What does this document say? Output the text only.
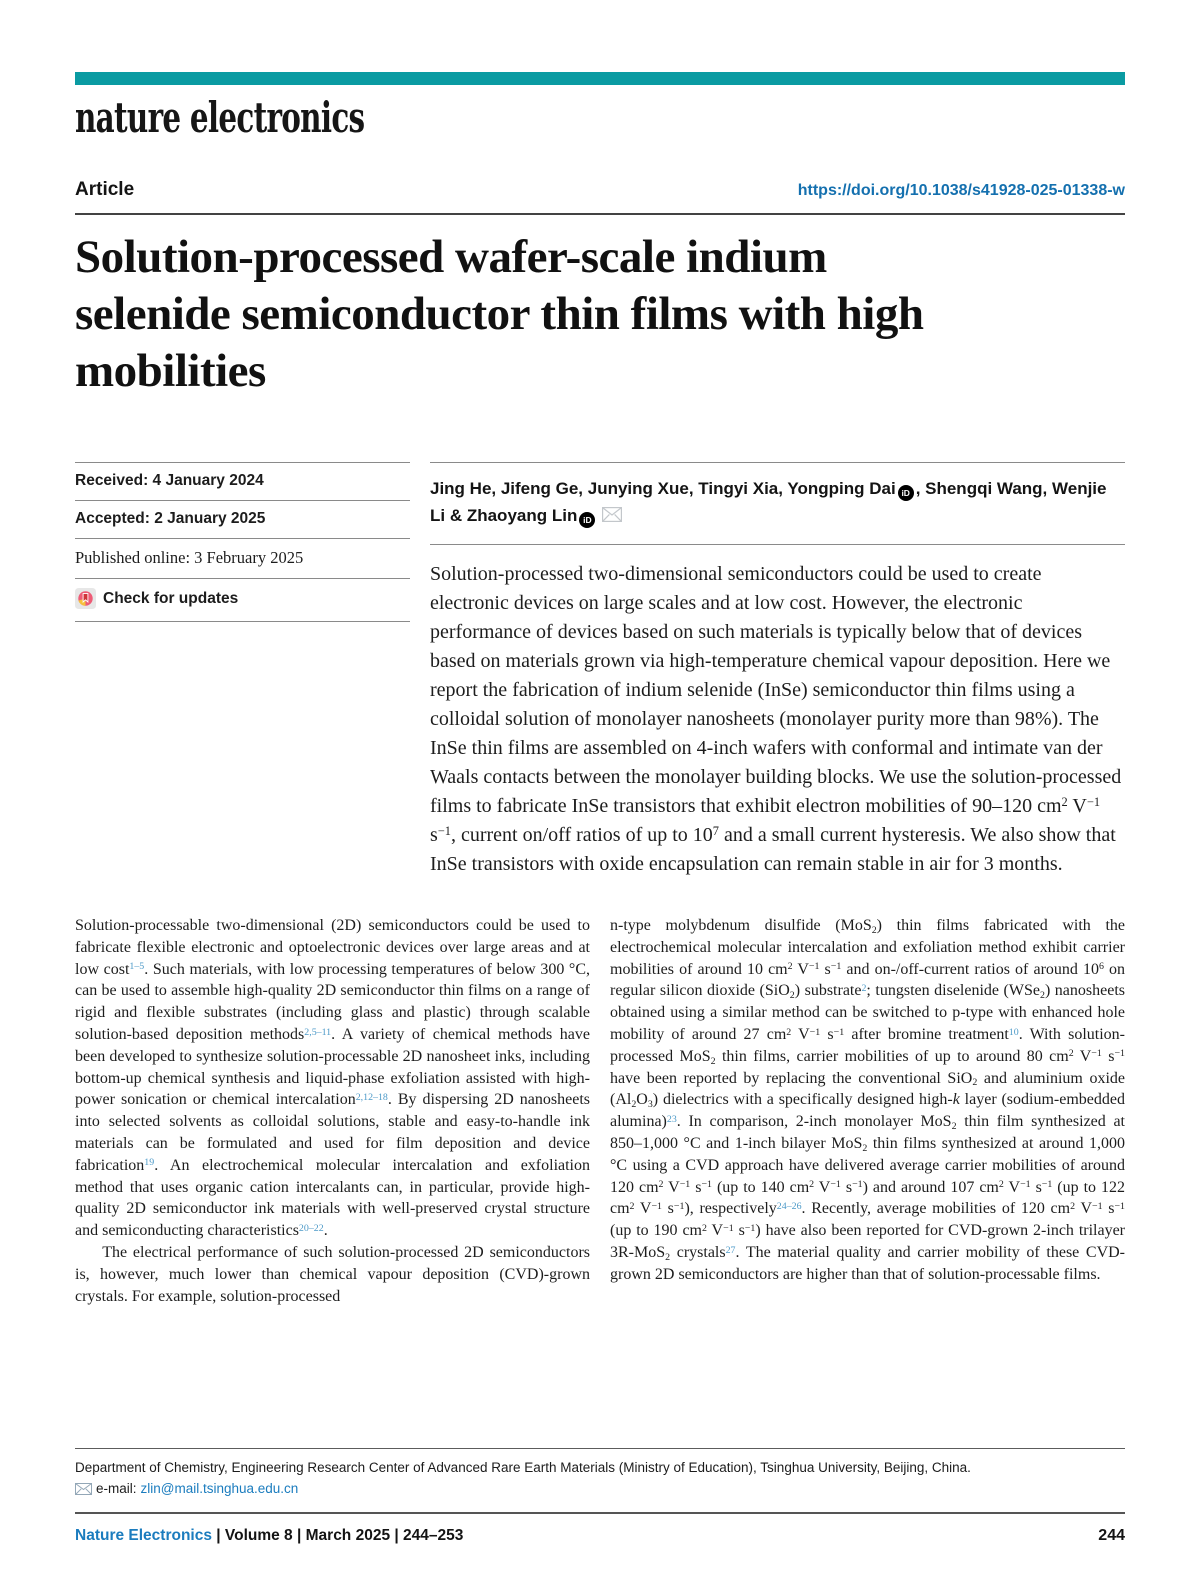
nature electronics
Article	https://doi.org/10.1038/s41928-025-01338-w
Solution-processed wafer-scale indium
selenide semiconductor thin films with high
mobilities
Received: 4 January 2024
Accepted: 2 January 2025
Published online: 3 February 2025
Check for updates

Jing He, Jifeng Ge, Junying Xue, Tingyi Xia, Yongping Dai iD , Shengqi Wang, Wenjie Li & Zhaoyang Lin iD

Solution-processed two-dimensional semiconductors could be used to create electronic devices on large scales and at low cost. However, the electronic performance of devices based on such materials is typically below that of devices based on materials grown via high-temperature chemical vapour deposition. Here we report the fabrication of indium selenide (InSe) semiconductor thin films using a colloidal solution of monolayer nanosheets (monolayer purity more than 98%). The InSe thin films are assembled on 4-inch wafers with conformal and intimate van der Waals contacts between the monolayer building blocks. We use the solution-processed films to fabricate InSe transistors that exhibit electron mobilities of 90–120 $cm^2$ $V^{-1}$ $s^{-1}$, current on/off ratios of up to $10^7$ and a small current hysteresis. We also show that InSe transistors with oxide encapsulation can remain stable in air for 3 months.

Solution-processable two-dimensional (2D) semiconductors could be used to fabricate flexible electronic and optoelectronic devices over large areas and at low cost$^{1-5}$. Such materials, with low processing temperatures of below 300 °C, can be used to assemble high-quality 2D semiconductor thin films on a range of rigid and flexible substrates (including glass and plastic) through scalable solution-based deposition methods$^{2,5-11}$. A variety of chemical methods have been developed to synthesize solution-processable 2D nanosheet inks, including bottom-up chemical synthesis and liquid-phase exfoliation assisted with high-power sonication or chemical intercalation$^{2,12-18}$. By dispersing 2D nanosheets into selected solvents as colloidal solutions, stable and easy-to-handle ink materials can be formulated and used for film deposition and device fabrication$^{19}$. An electrochemical molecular intercalation and exfoliation method that uses organic cation intercalants can, in particular, provide high-quality 2D semiconductor ink materials with well-preserved crystal structure and semiconducting characteristics$^{20-22}$.

The electrical performance of such solution-processed 2D semiconductors is, however, much lower than chemical vapour deposition (CVD)-grown crystals. For example, solution-processed

n-type molybdenum disulfide (MoS2) thin films fabricated with the electrochemical molecular intercalation and exfoliation method exhibit carrier mobilities of around 10 $cm^2$ $V^{-1}$ $s^{-1}$ and on-/off-current ratios of around $10^6$ on regular silicon dioxide (SiO2) substrate$^2$; tungsten diselenide (WSe2) nanosheets obtained using a similar method can be switched to p-type with enhanced hole mobility of around 27 $cm^2$ $V^{-1}$ $s^{-1}$ after bromine treatment$^{10}$. With solution-processed MoS2 thin films, carrier mobilities of up to around 80 $cm^2$ $V^{-1}$ $s^{-1}$ have been reported by replacing the conventional SiO2 and aluminium oxide (Al2O3) dielectrics with a specifically designed high-k layer (sodium-embedded alumina)$^{23}$. In comparison, 2-inch monolayer MoS2 thin film synthesized at 850–1,000 °C and 1-inch bilayer MoS2 thin films synthesized at around 1,000 °C using a CVD approach have delivered average carrier mobilities of around 120 $cm^2$ $V^{-1}$ $s^{-1}$ (up to 140 $cm^2$ $V^{-1}$ $s^{-1}$) and around 107 $cm^2$ $V^{-1}$ $s^{-1}$ (up to 122 $cm^2$ $V^{-1}$ $s^{-1}$), respectively$^{24-26}$. Recently, average mobilities of 120 $cm^2$ $V^{-1}$ $s^{-1}$ (up to 190 $cm^2$ $V^{-1}$ $s^{-1}$) have also been reported for CVD-grown 2-inch trilayer 3R-MoS2 crystals$^{27}$. The material quality and carrier mobility of these CVD-grown 2D semiconductors are higher than that of solution-processable films.

Department of Chemistry, Engineering Research Center of Advanced Rare Earth Materials (Ministry of Education), Tsinghua University, Beijing, China.
e-mail: zlin@mail.tsinghua.edu.cn
Nature Electronics | Volume 8 | March 2025 | 244–253	244
